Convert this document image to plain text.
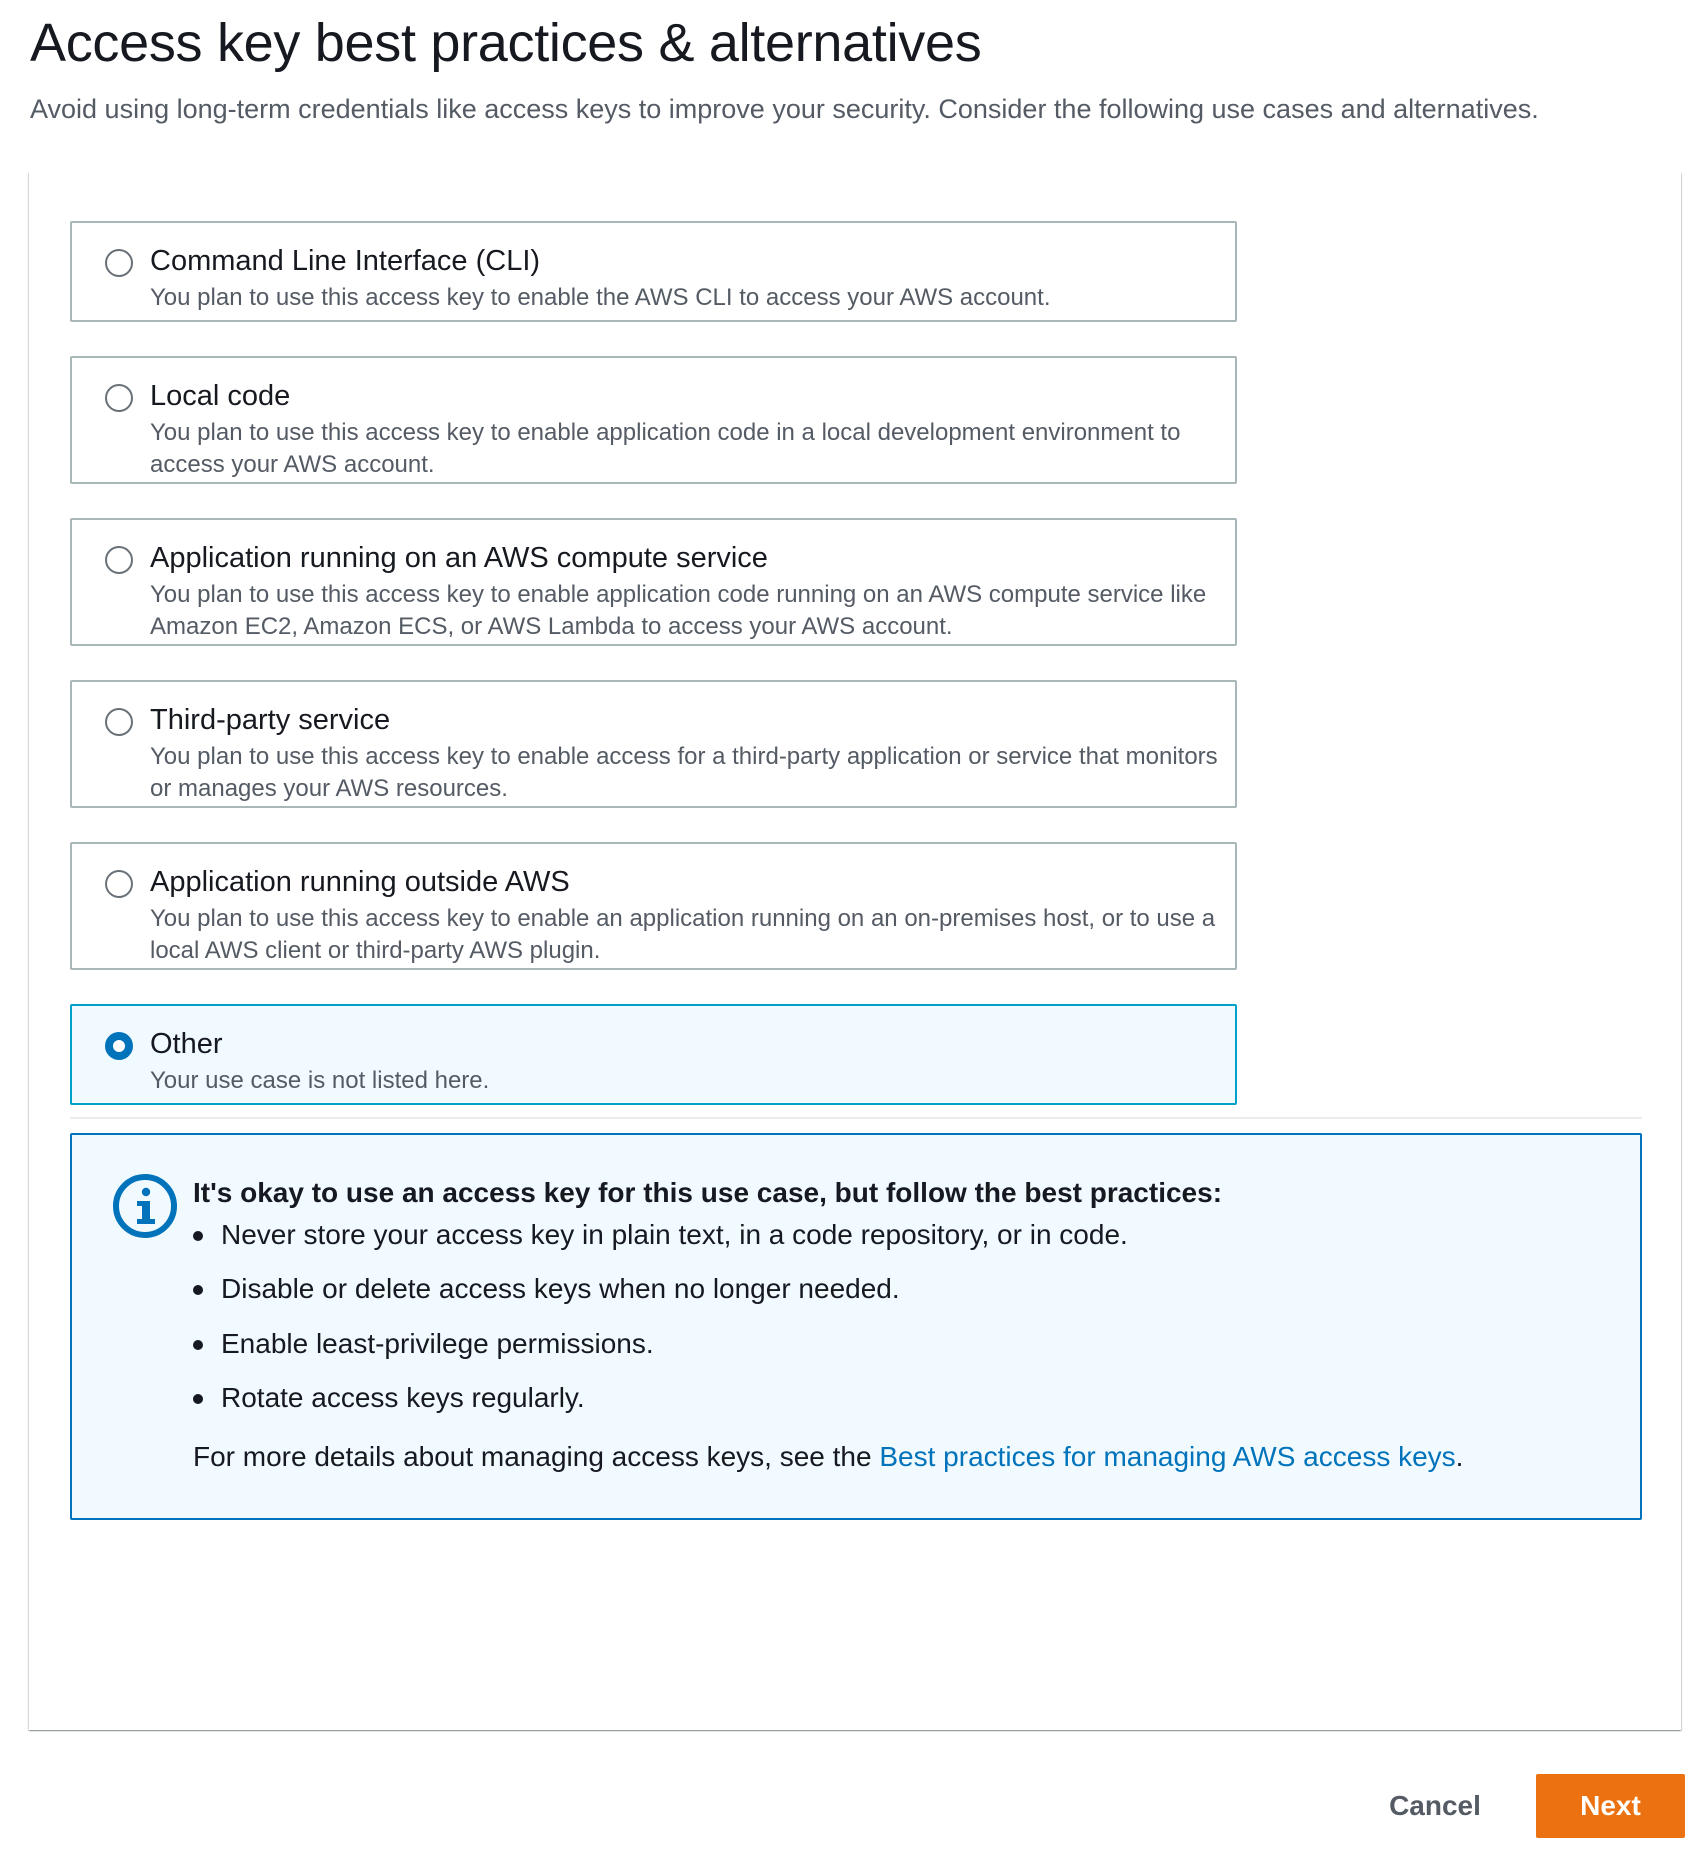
Access key best practices & alternatives

Avoid using long-term credentials like access keys to improve your security. Consider the following use cases and alternatives.

Command Line Interface (CLI)
You plan to use this access key to enable the AWS CLI to access your AWS account.
Local code
You plan to use this access key to enable application code in a local development environment to access your AWS account.
Application running on an AWS compute service
You plan to use this access key to enable application code running on an AWS compute service like Amazon EC2, Amazon ECS, or AWS Lambda to access your AWS account.
Third-party service
You plan to use this access key to enable access for a third-party application or service that monitors or manages your AWS resources.
Application running outside AWS
You plan to use this access key to enable an application running on an on-premises host, or to use a local AWS client or third-party AWS plugin.
Other
Your use case is not listed here.
It's okay to use an access key for this use case, but follow the best practices:
Never store your access key in plain text, in a code repository, or in code.
Disable or delete access keys when no longer needed.
Enable least-privilege permissions.
Rotate access keys regularly.
For more details about managing access keys, see the Best practices for managing AWS access keys.
Cancel	Next
